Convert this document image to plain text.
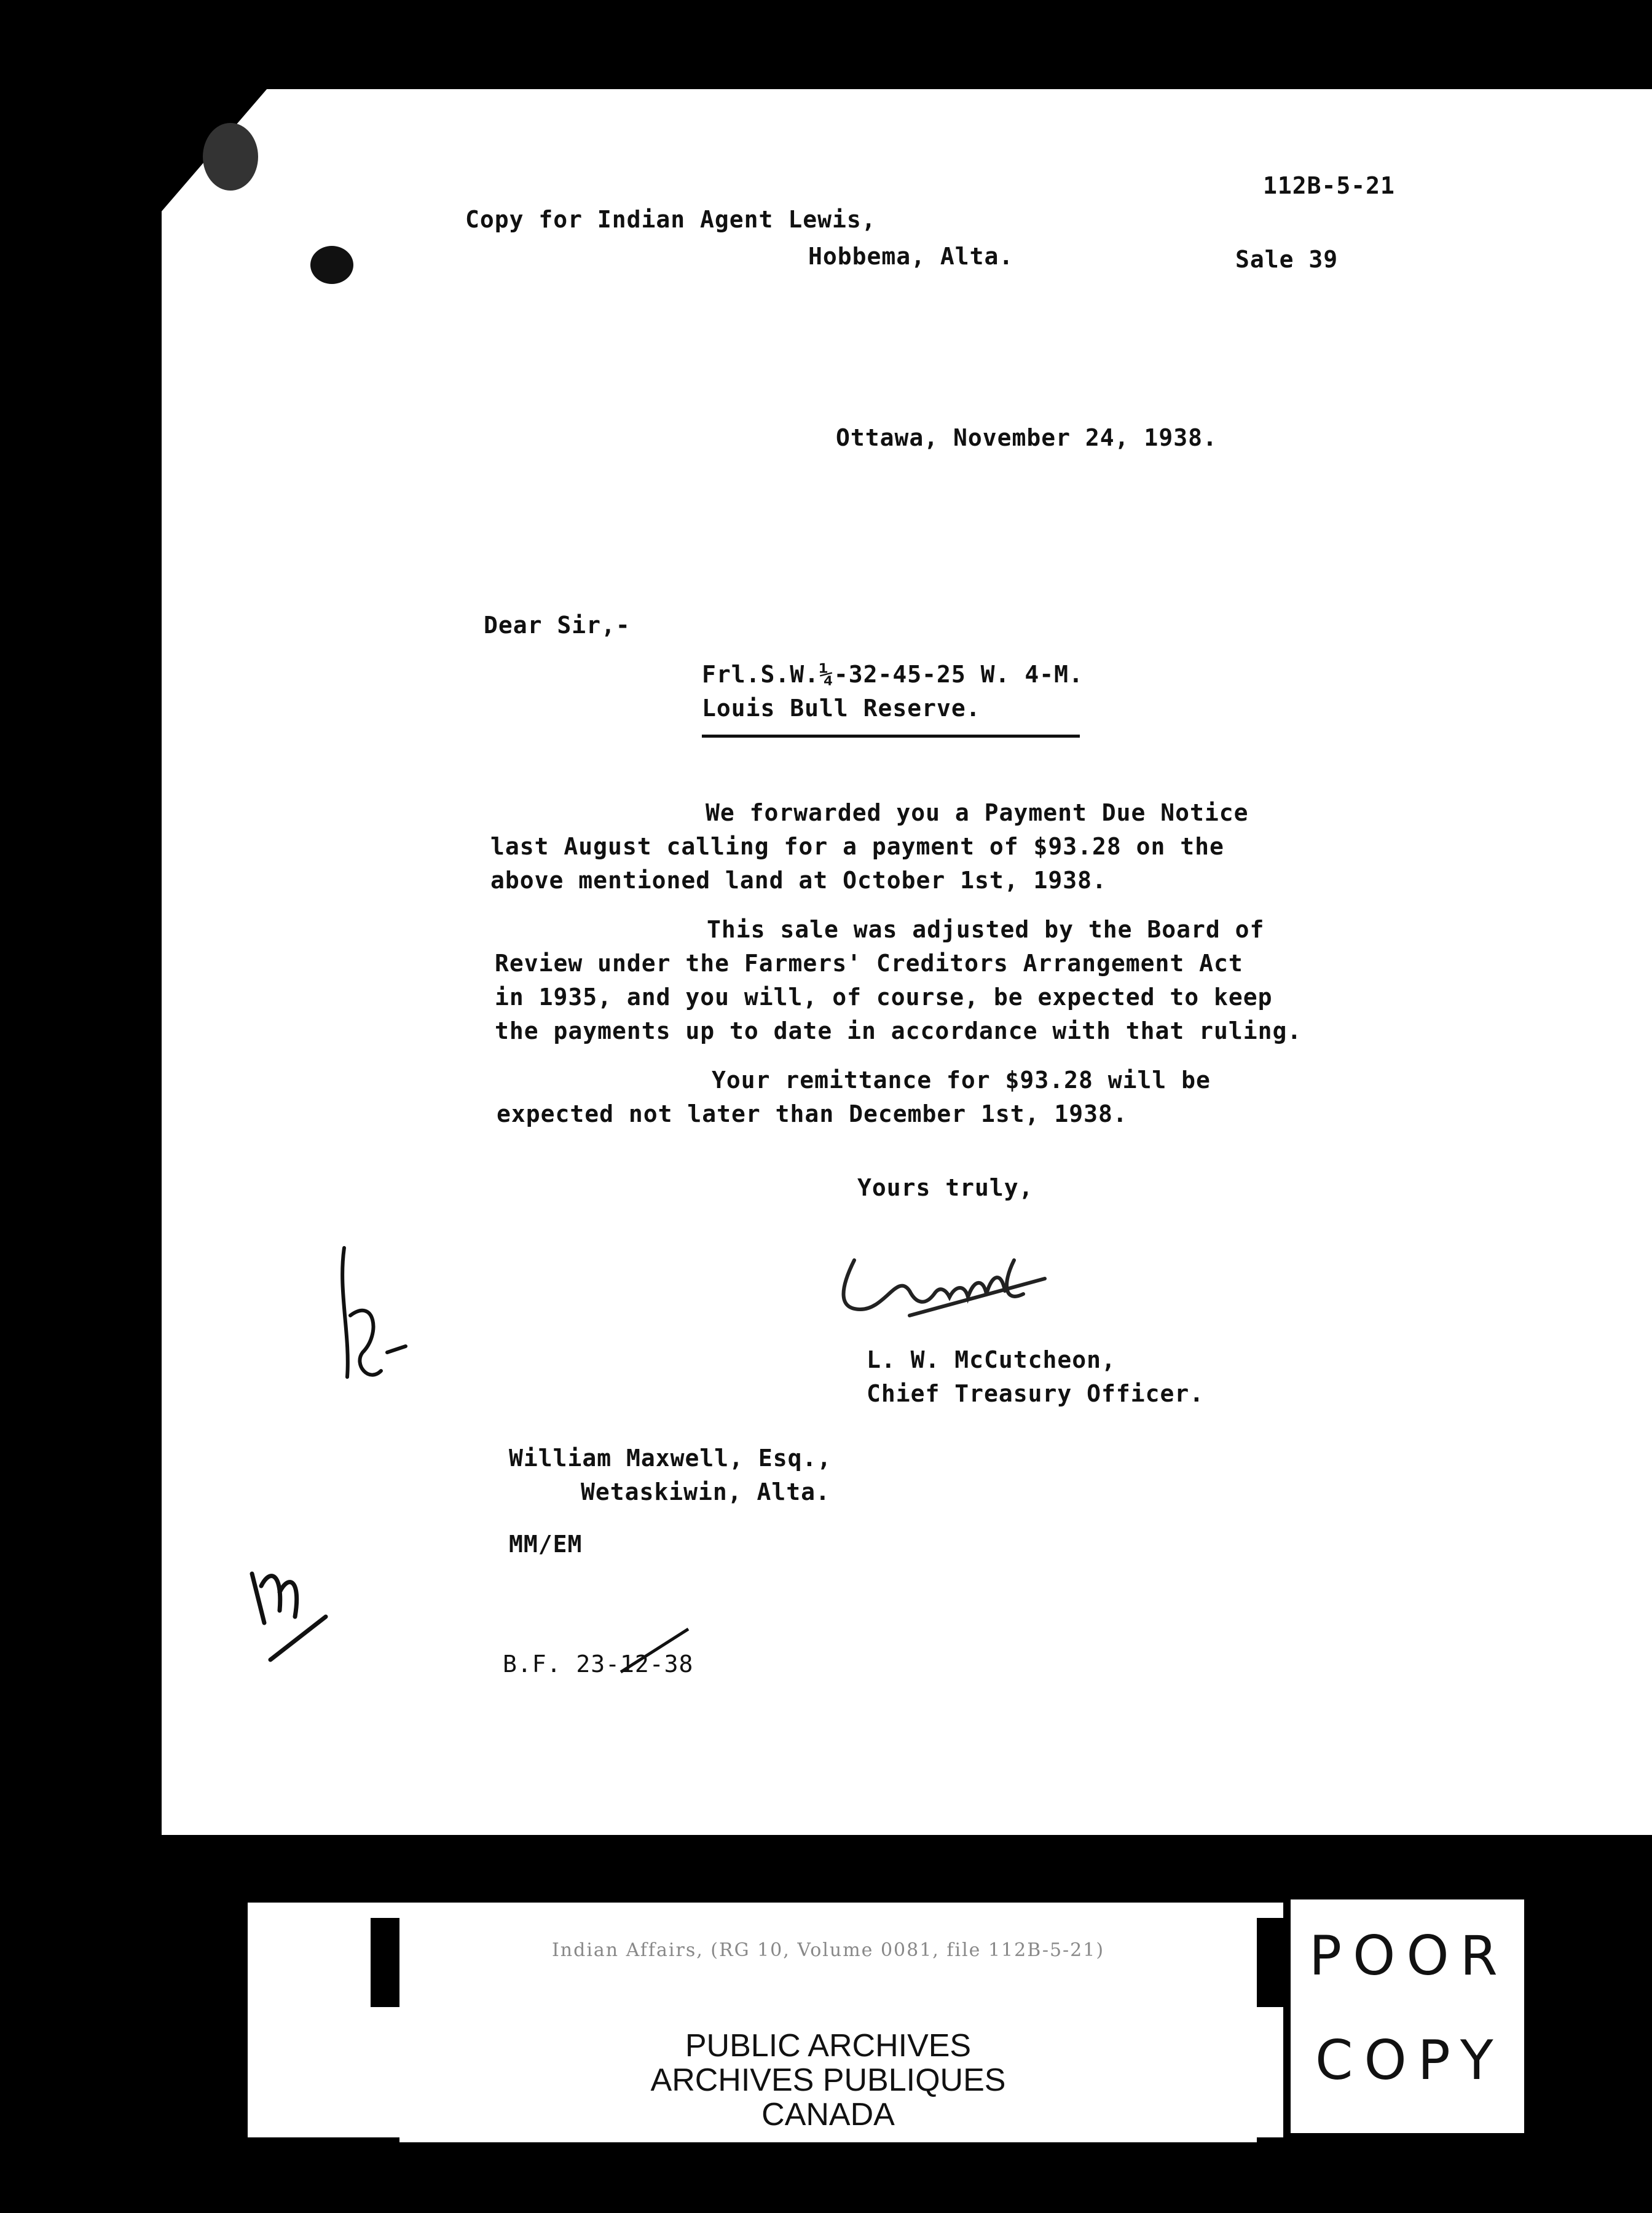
112B-5-21
Copy for Indian Agent Lewis,
Hobbema, Alta.	Sale 39
Ottawa, November 24, 1938.
Dear Sir,-
Frl.S.W.¼-32-45-25 W. 4-M.
Louis Bull Reserve.
We forwarded you a Payment Due Notice
last August calling for a payment of $93.28 on the
above mentioned land at October 1st, 1938.
This sale was adjusted by the Board of
Review under the Farmers' Creditors Arrangement Act
in 1935, and you will, of course, be expected to keep
the payments up to date in accordance with that ruling.
Your remittance for $93.28 will be
expected not later than December 1st, 1938.
Yours truly,
L. W. McCutcheon,
Chief Treasury Officer.
William Maxwell, Esq.,
Wetaskiwin, Alta.
MM/EM
B.F. 23-12-38
Indian Affairs, (RG 10, Volume 0081, file 112B-5-21)
PUBLIC ARCHIVES
ARCHIVES PUBLIQUES
CANADA
POOR
COPY
